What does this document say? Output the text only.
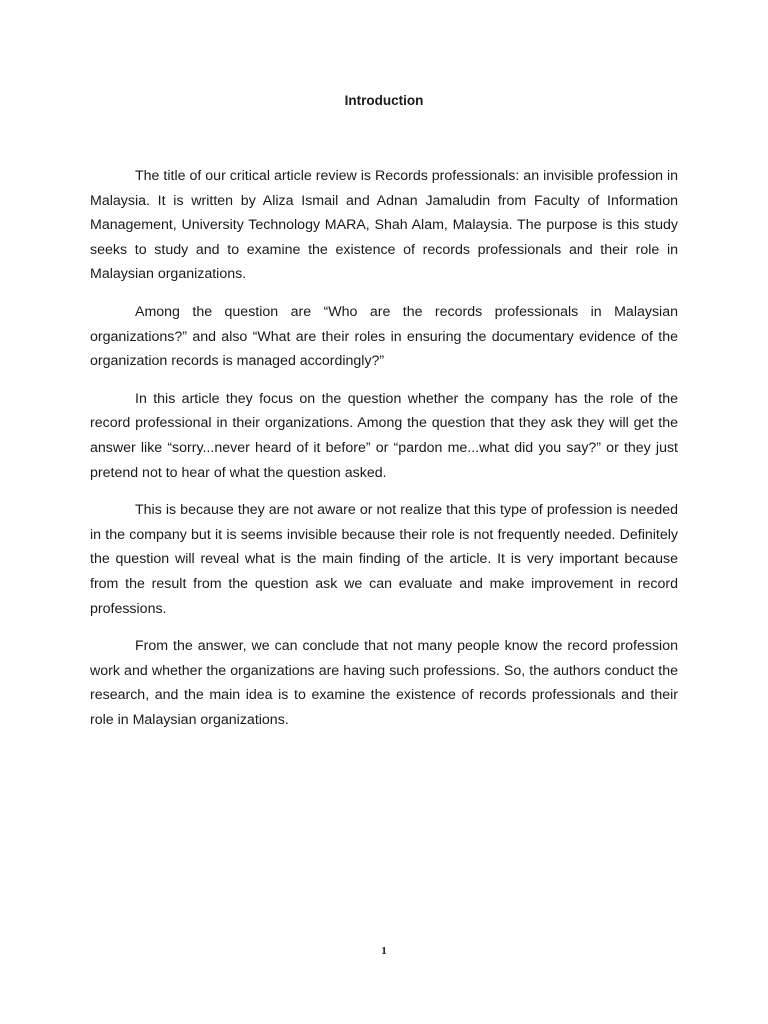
Introduction

The title of our critical article review is Records professionals: an invisible profession in Malaysia. It is written by Aliza Ismail and Adnan Jamaludin from Faculty of Information Management, University Technology MARA, Shah Alam, Malaysia. The purpose is this study seeks to study and to examine the existence of records professionals and their role in Malaysian organizations.

Among the question are “Who are the records professionals in Malaysian organizations?” and also “What are their roles in ensuring the documentary evidence of the organization records is managed accordingly?”

In this article they focus on the question whether the company has the role of the record professional in their organizations. Among the question that they ask they will get the answer like “sorry...never heard of it before” or “pardon me...what did you say?” or they just pretend not to hear of what the question asked.

This is because they are not aware or not realize that this type of profession is needed in the company but it is seems invisible because their role is not frequently needed. Definitely the question will reveal what is the main finding of the article. It is very important because from the result from the question ask we can evaluate and make improvement in record professions.

From the answer, we can conclude that not many people know the record profession work and whether the organizations are having such professions. So, the authors conduct the research, and the main idea is to examine the existence of records professionals and their role in Malaysian organizations.

1
